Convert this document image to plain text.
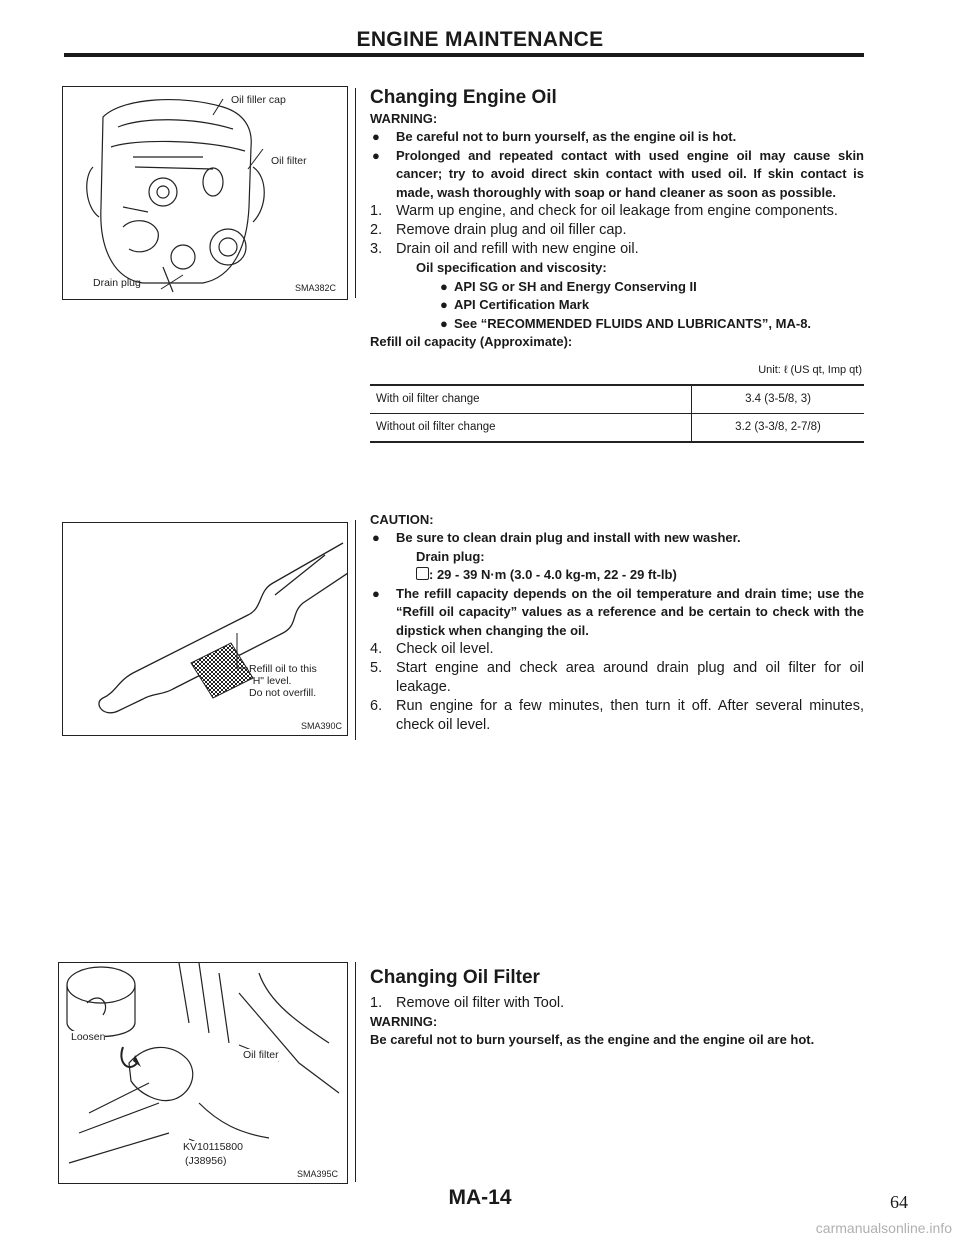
ENGINE MAINTENANCE
Oil filler cap
Oil filter
Drain plug	SMA382C
Refill oil to this
"H" level.
Do not overfill.
SMA390C
Loosen
Oil filter
KV10115800
(J38956)
SMA395C
Changing Engine Oil
WARNING:
● Be careful not to burn yourself, as the engine oil is hot.
● Prolonged and repeated contact with used engine oil may cause skin cancer; try to avoid direct skin contact with used oil. If skin contact is made, wash thoroughly with soap or hand cleaner as soon as possible.
1. Warm up engine, and check for oil leakage from engine components.
2. Remove drain plug and oil filler cap.
3. Drain oil and refill with new engine oil.
Oil specification and viscosity:
● API SG or SH and Energy Conserving II
● API Certification Mark
● See “RECOMMENDED FLUIDS AND LUBRICANTS”, MA-8.
Refill oil capacity (Approximate):
Unit: ℓ (US qt, Imp qt)
With oil filter change	3.4 (3-5/8, 3)
Without oil filter change	3.2 (3-3/8, 2-7/8)
CAUTION:
● Be sure to clean drain plug and install with new washer.
Drain plug:
: 29 - 39 N·m (3.0 - 4.0 kg-m, 22 - 29 ft-lb)
● The refill capacity depends on the oil temperature and drain time; use the “Refill oil capacity” values as a reference and be certain to check with the dipstick when changing the oil.
4. Check oil level.
5. Start engine and check area around drain plug and oil filter for oil leakage.
6. Run engine for a few minutes, then turn it off. After several minutes, check oil level.
Changing Oil Filter
1. Remove oil filter with Tool.
WARNING:
Be careful not to burn yourself, as the engine and the engine oil are hot.
MA-14	64
carmanualsonline.info
